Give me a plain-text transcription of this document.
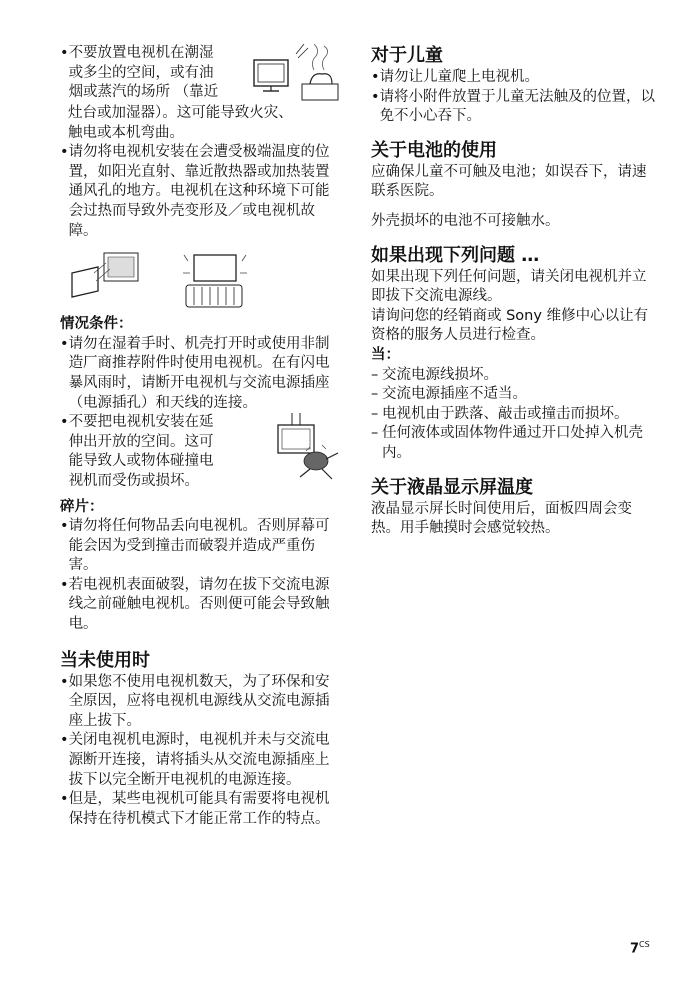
• 不要放置电视机在潮湿
或多尘的空间，或有油
烟或蒸汽的场所 （靠近
灶台或加湿器）。这可能导致火灾、
触电或本机弯曲。
• 请勿将电视机安装在会遭受极端温度的位置，如阳光直射、靠近散热器或加热装置通风孔的地方。电视机在这种环境下可能会过热而导致外壳变形及／或电视机故障。

情况条件：

• 请勿在湿着手时、机壳打开时或使用非制造厂商推荐附件时使用电视机。在有闪电暴风雨时，请断开电视机与交流电源插座 （电源插孔）和天线的连接。
• 不要把电视机安装在延
伸出开放的空间。这可
能导致人或物体碰撞电
视机而受伤或损坏。

碎片：

• 请勿将任何物品丢向电视机。否则屏幕可能会因为受到撞击而破裂并造成严重伤害。
• 若电视机表面破裂，请勿在拔下交流电源线之前碰触电视机。否则便可能会导致触电。
当未使用时
• 如果您不使用电视机数天，为了环保和安全原因，应将电视机电源线从交流电源插座上拔下。
• 关闭电视机电源时，电视机并未与交流电源断开连接，请将插头从交流电源插座上拔下以完全断开电视机的电源连接。
• 但是，某些电视机可能具有需要将电视机保持在待机模式下才能正常工作的特点。
对于儿童
• 请勿让儿童爬上电视机。
• 请将小附件放置于儿童无法触及的位置，以免不小心吞下。
关于电池的使用

应确保儿童不可触及电池；如误吞下，请速联系医院。

外壳损坏的电池不可接触水。

如果出现下列问题 …

如果出现下列任何问题，请关闭电视机并立即拔下交流电源线。

请询问您的经销商或 Sony 维修中心以让有资格的服务人员进行检查。

当：

– 交流电源线损坏。
– 交流电源插座不适当。
– 电视机由于跌落、敲击或撞击而损坏。
– 任何液体或固体物件通过开口处掉入机壳内。
关于液晶显示屏温度

液晶显示屏长时间使用后，面板四周会变热。用手触摸时会感觉较热。

$7^{CS}$
